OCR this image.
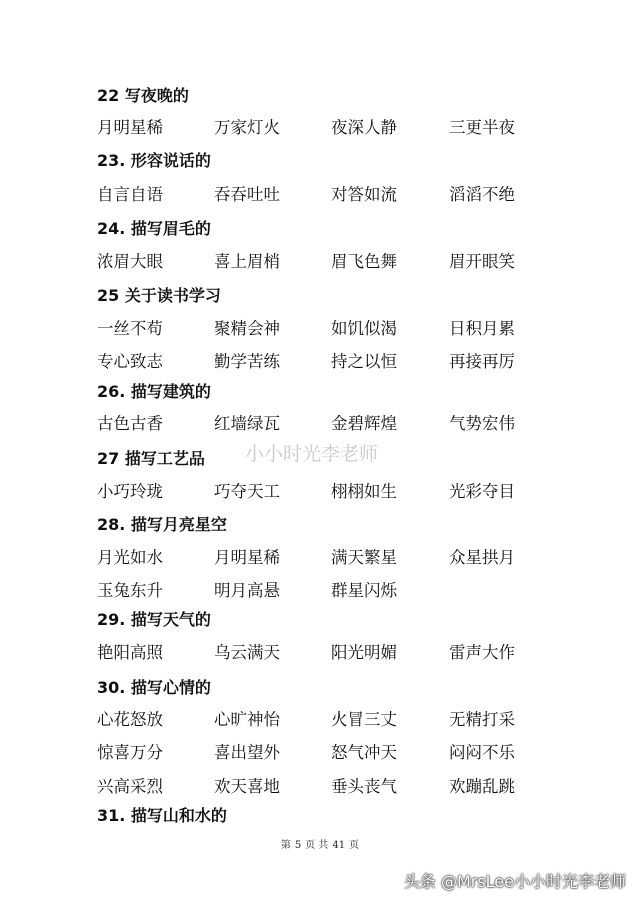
22 写夜晚的
月明星稀	万家灯火	夜深人静	三更半夜
23. 形容说话的
自言自语	吞吞吐吐	对答如流	滔滔不绝
24. 描写眉毛的
浓眉大眼	喜上眉梢	眉飞色舞	眉开眼笑
25 关于读书学习
一丝不苟	聚精会神	如饥似渴	日积月累
专心致志	勤学苦练	持之以恒	再接再厉
26. 描写建筑的
古色古香	红墙绿瓦	金碧辉煌	气势宏伟
27 描写工艺品
小巧玲珑	巧夺天工	栩栩如生	光彩夺目
28. 描写月亮星空
月光如水	月明星稀	满天繁星	众星拱月
玉兔东升	明月高悬	群星闪烁
29. 描写天气的
艳阳高照	乌云满天	阳光明媚	雷声大作
30. 描写心情的
心花怒放	心旷神怡	火冒三丈	无精打采
惊喜万分	喜出望外	怒气冲天	闷闷不乐
兴高采烈	欢天喜地	垂头丧气	欢蹦乱跳
31. 描写山和水的
小小时光李老师
第 5 页 共 41 页
头条 @MrsLee小小时光李老师
